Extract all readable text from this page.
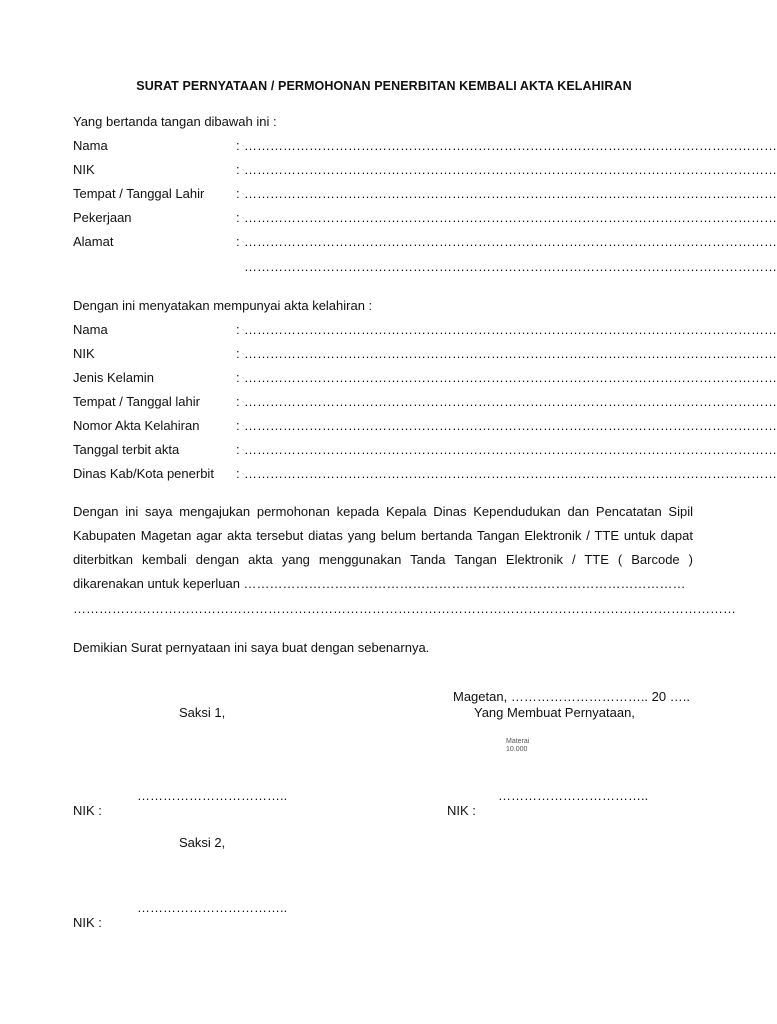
SURAT PERNYATAAN / PERMOHONAN PENERBITAN KEMBALI AKTA KELAHIRAN
Yang bertanda tangan dibawah ini :
Nama	: ……………………………………………………………………………………………………………
NIK	: ……………………………………………………………………………………………………………
Tempat / Tanggal Lahir : ……………………………………………………………………………………………………………
Pekerjaan	: ……………………………………………………………………………………………………………
Alamat	: ……………………………………………………………………………………………………………
……………………………………………………………………………………………………………
Dengan ini menyatakan mempunyai akta kelahiran :
Nama	: ……………………………………………………………………………………………………………
NIK	: ……………………………………………………………………………………………………………
Jenis Kelamin	: ……………………………………………………………………………………………………………
Tempat / Tanggal lahir	: ……………………………………………………………………………………………………………
Nomor Akta Kelahiran	: ……………………………………………………………………………………………………………
Tanggal terbit akta	: ……………………………………………………………………………………………………………
Dinas Kab/Kota penerbit : ……………………………………………………………………………………………………………
Dengan ini saya mengajukan permohonan kepada Kepala Dinas Kependudukan dan Pencatatan Sipil Kabupaten Magetan agar akta tersebut diatas yang belum bertanda Tangan Elektronik / TTE untuk dapat diterbitkan kembali dengan akta yang menggunakan Tanda Tangan Elektronik / TTE ( Barcode ) dikarenakan untuk keperluan …………………………………………………………………………………………
………………………………………………………………………………………………………………………………………
Demikian Surat pernyataan ini saya buat dengan sebenarnya.
Magetan, ………………………….. 20 …..
Saksi 1,	Yang Membuat Pernyataan,
Materai
10.000
……………………………..	……………………………..
NIK :	NIK :
Saksi 2,
……………………………..
NIK :
